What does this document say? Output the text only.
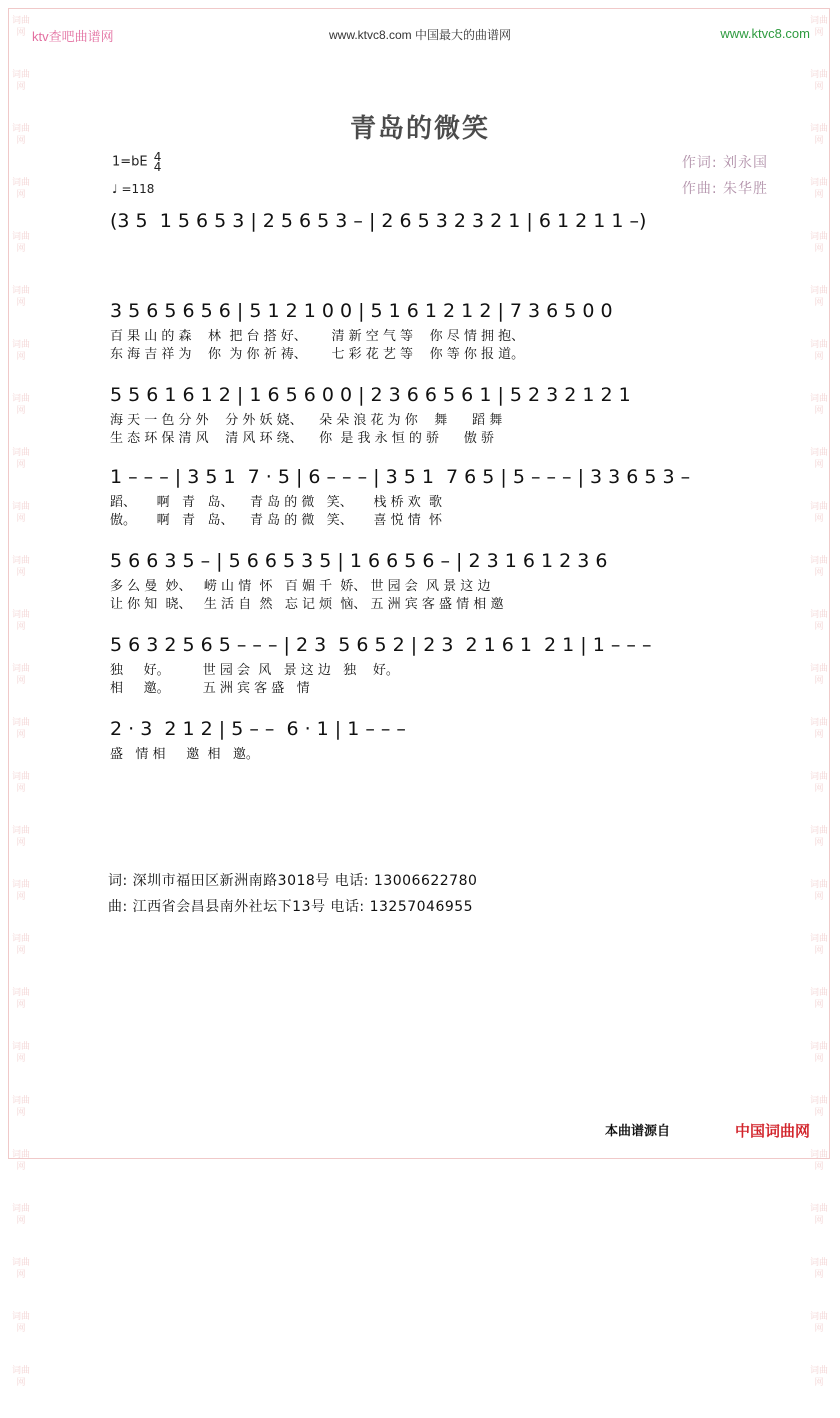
词曲网
词曲网
词曲网
词曲网
词曲网
词曲网
词曲网
词曲网
词曲网
词曲网
词曲网
词曲网
词曲网
词曲网
词曲网
词曲网
词曲网
词曲网
词曲网
词曲网
词曲网
词曲网
词曲网
词曲网
词曲网
词曲网
词曲网
词曲网
词曲网
词曲网
词曲网
词曲网
词曲网
词曲网
词曲网
词曲网
词曲网
词曲网
词曲网
词曲网
词曲网
词曲网
词曲网
词曲网
词曲网
词曲网
词曲网
词曲网
词曲网
词曲网
词曲网
词曲网
ktv查吧曲谱网	www.ktvc8.com 中国最大的曲谱网	www.ktvc8.com
青岛的微笑
作词: 刘永国
作曲: 朱华胜
1=bE 4
4
♩ =118
(3 5  1 5 6 5 3 | 2 5 6 5 3 – | 2 6 5 3 2 3 2 1 | 6 1 2 1 1 –)
3 5 6 5 6 5 6 | 5 1 2 1 0 0 | 5 1 6 1 2 1 2 | 7 3 6 5 0 0
百 果 山 的 森    林  把 台 搭 好、      清 新 空 气 等    你 尽 情 拥 抱、
东 海 吉 祥 为    你  为 你 祈 祷、      七 彩 花 艺 等    你 等 你 报 道。
5 5 6 1 6 1 2 | 1 6 5 6 0 0 | 2 3 6 6 5 6 1 | 5 2 3 2 1 2 1
海 天 一 色 分 外    分 外 妖 娆、    朵 朵 浪 花 为 你    舞      蹈 舞
生 态 环 保 清 风    清 风 环 绕、    你  是 我 永 恒 的 骄      傲 骄
1 – – – | 3 5 1  7 · 5 | 6 – – – | 3 5 1  7 6 5 | 5 – – – | 3 3 6 5 3 –
蹈、     啊   青   岛、    青 岛 的 微   笑、     栈 桥 欢  歌
傲。     啊   青   岛、    青 岛 的 微   笑、     喜 悦 情  怀
5 6 6 3 5 – | 5 6 6 5 3 5 | 1 6 6 5 6 – | 2 3 1 6 1 2 3 6
多 么 曼  妙、   崂 山 情  怀   百 媚 千  娇、 世 园 会  风 景 这 边
让 你 知  晓、   生 活 自  然   忘 记 烦  恼、 五 洲 宾 客 盛 情 相 邀
5 6 3 2 5 6 5 – – – | 2 3  5 6 5 2 | 2 3  2 1 6 1  2 1 | 1 – – –
独     好。        世 园 会  风   景 这 边   独    好。
相     邀。        五 洲 宾 客 盛   情
2 · 3  2 1 2 | 5 – –  6 · 1 | 1 – – –
盛   情 相     邀  相   邀。
词: 深圳市福田区新洲南路3018号 电话: 13006622780
曲: 江西省会昌县南外社坛下13号 电话: 13257046955
本曲谱源自	中国词曲网
